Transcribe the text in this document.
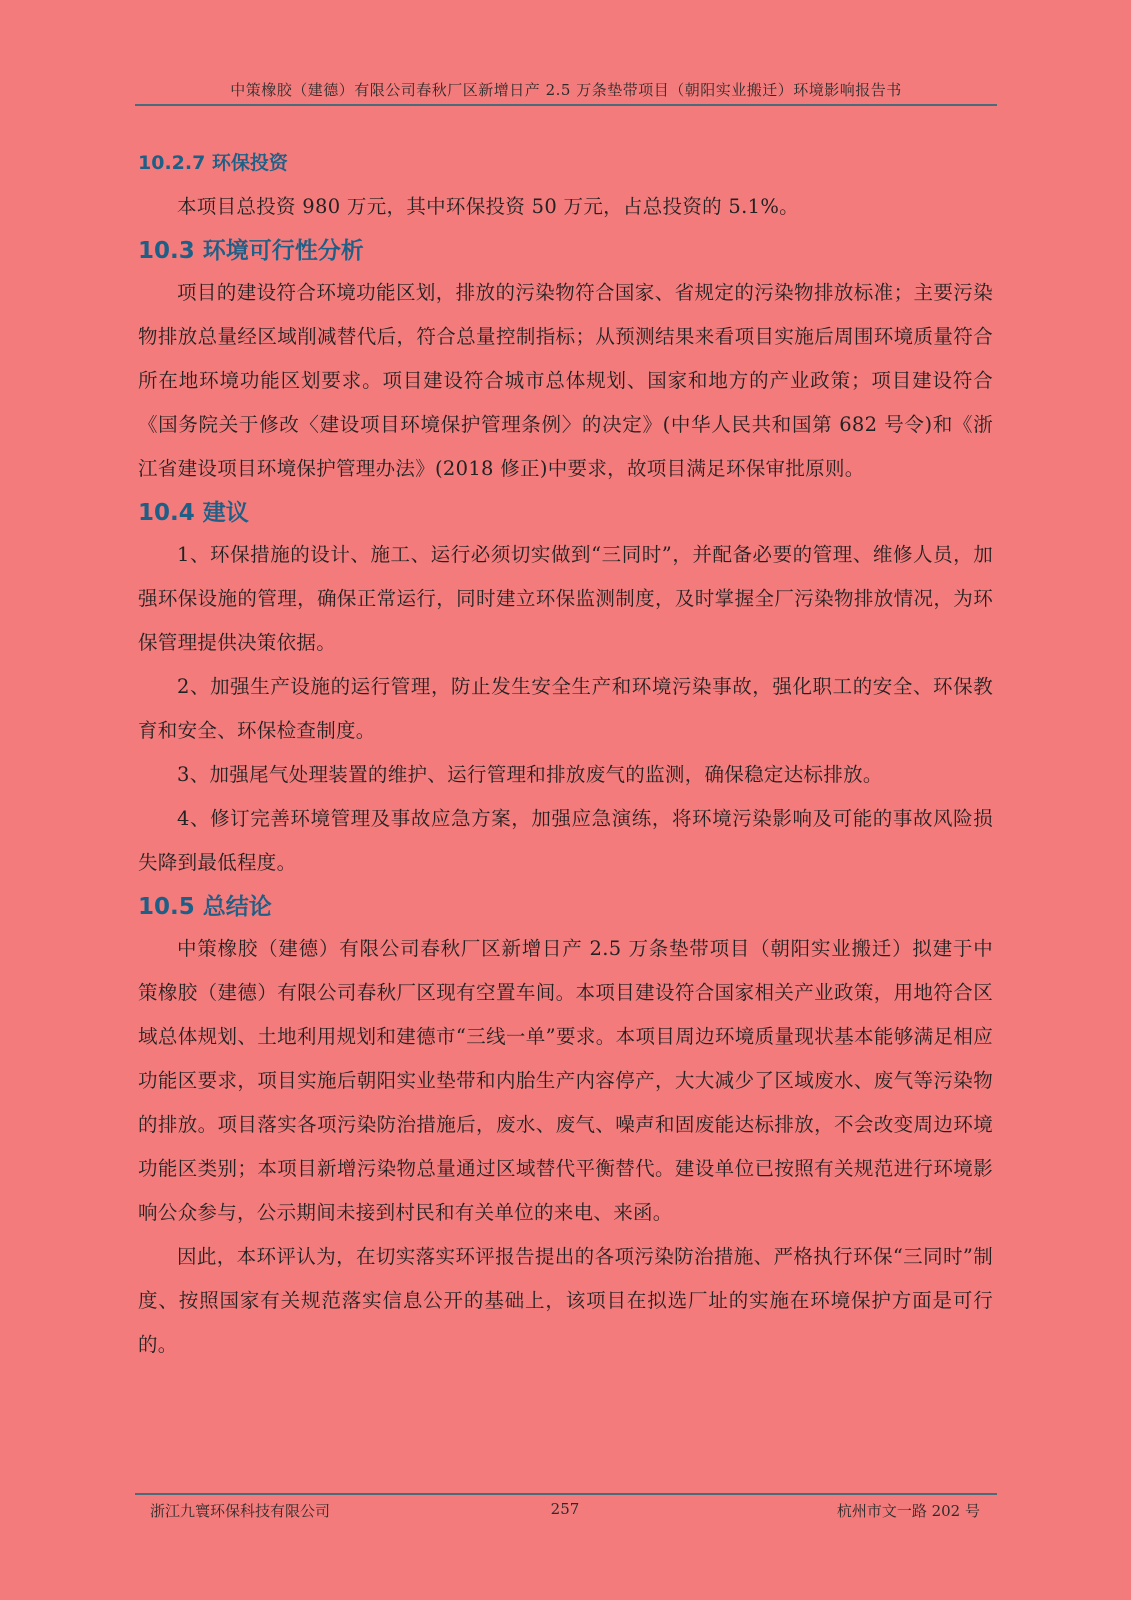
中策橡胶（建德）有限公司春秋厂区新增日产 2.5 万条垫带项目（朝阳实业搬迁）环境影响报告书
10.2.7 环保投资

本项目总投资 980 万元，其中环保投资 50 万元，占总投资的 5.1%。

10.3 环境可行性分析

项目的建设符合环境功能区划，排放的污染物符合国家、省规定的污染物排放标准；主要污染物排放总量经区域削减替代后，符合总量控制指标；从预测结果来看项目实施后周围环境质量符合所在地环境功能区划要求。项目建设符合城市总体规划、国家和地方的产业政策；项目建设符合《国务院关于修改〈建设项目环境保护管理条例〉的决定》(中华人民共和国第 682 号令)和《浙江省建设项目环境保护管理办法》(2018 修正)中要求，故项目满足环保审批原则。

10.4 建议

1、环保措施的设计、施工、运行必须切实做到“三同时”，并配备必要的管理、维修人员，加强环保设施的管理，确保正常运行，同时建立环保监测制度，及时掌握全厂污染物排放情况，为环保管理提供决策依据。

2、加强生产设施的运行管理，防止发生安全生产和环境污染事故，强化职工的安全、环保教育和安全、环保检查制度。

3、加强尾气处理装置的维护、运行管理和排放废气的监测，确保稳定达标排放。

4、修订完善环境管理及事故应急方案，加强应急演练，将环境污染影响及可能的事故风险损失降到最低程度。

10.5 总结论

中策橡胶（建德）有限公司春秋厂区新增日产 2.5 万条垫带项目（朝阳实业搬迁）拟建于中策橡胶（建德）有限公司春秋厂区现有空置车间。本项目建设符合国家相关产业政策，用地符合区域总体规划、土地利用规划和建德市“三线一单”要求。本项目周边环境质量现状基本能够满足相应功能区要求，项目实施后朝阳实业垫带和内胎生产内容停产，大大减少了区域废水、废气等污染物的排放。项目落实各项污染防治措施后，废水、废气、噪声和固废能达标排放，不会改变周边环境功能区类别；本项目新增污染物总量通过区域替代平衡替代。建设单位已按照有关规范进行环境影响公众参与，公示期间未接到村民和有关单位的来电、来函。

因此，本环评认为，在切实落实环评报告提出的各项污染防治措施、严格执行环保“三同时”制度、按照国家有关规范落实信息公开的基础上，该项目在拟选厂址的实施在环境保护方面是可行的。

浙江九寰环保科技有限公司	257	杭州市文一路 202 号
